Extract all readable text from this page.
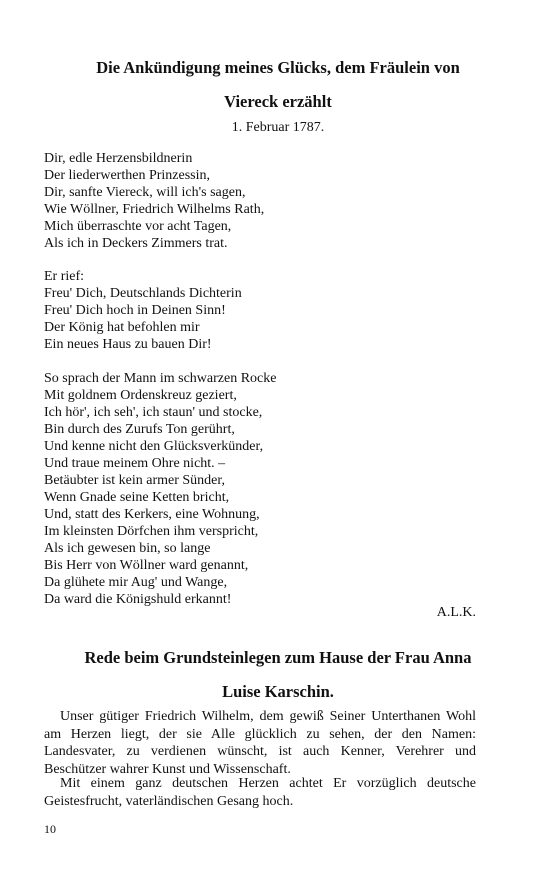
Die Ankündigung meines Glücks, dem Fräulein von
Viereck erzählt
1. Februar 1787.
Dir, edle Herzensbildnerin
Der liederwerthen Prinzessin,
Dir, sanfte Viereck, will ich's sagen,
Wie Wöllner, Friedrich Wilhelms Rath,
Mich überraschte vor acht Tagen,
Als ich in Deckers Zimmers trat.
Er rief:
Freu' Dich, Deutschlands Dichterin
Freu' Dich hoch in Deinen Sinn!
Der König hat befohlen mir
Ein neues Haus zu bauen Dir!
So sprach der Mann im schwarzen Rocke
Mit goldnem Ordenskreuz geziert,
Ich hör', ich seh', ich staun' und stocke,
Bin durch des Zurufs Ton gerührt,
Und kenne nicht den Glücksverkünder,
Und traue meinem Ohre nicht. –
Betäubter ist kein armer Sünder,
Wenn Gnade seine Ketten bricht,
Und, statt des Kerkers, eine Wohnung,
Im kleinsten Dörfchen ihm verspricht,
Als ich gewesen bin, so lange
Bis Herr von Wöllner ward genannt,
Da glühete mir Aug' und Wange,
Da ward die Königshuld erkannt!
A.L.K.
Rede beim Grundsteinlegen zum Hause der Frau Anna
Luise Karschin.

Unser gütiger Friedrich Wilhelm, dem gewiß Seiner Unterthanen Wohl am Herzen liegt, der sie Alle glücklich zu sehen, der den Namen: Landesvater, zu verdienen wünscht, ist auch Kenner, Verehrer und Beschützer wahrer Kunst und Wissenschaft.

Mit einem ganz deutschen Herzen achtet Er vorzüglich deutsche Geistesfrucht, vaterländischen Gesang hoch.

10
